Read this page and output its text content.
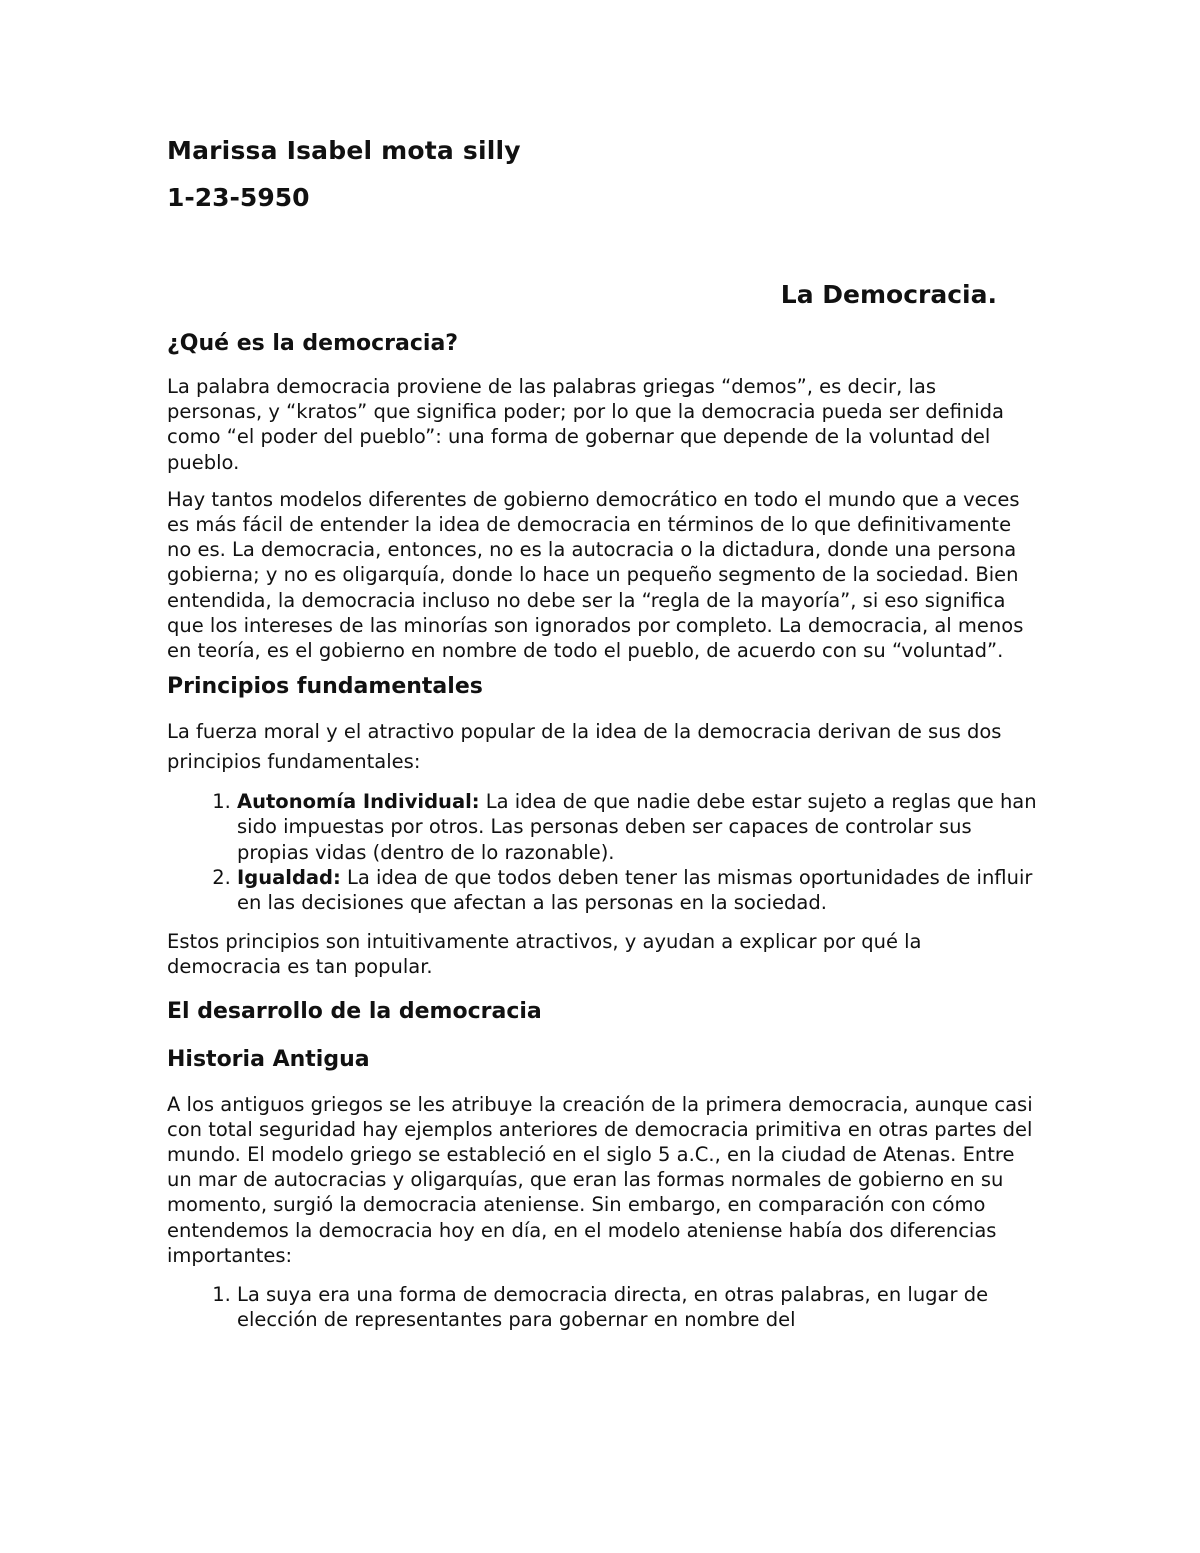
Marissa Isabel mota silly

1-23-5950

La Democracia.

¿Qué es la democracia?

La palabra democracia proviene de las palabras griegas “demos”, es decir, las personas, y “kratos” que significa poder; por lo que la democracia pueda ser definida como “el poder del pueblo”: una forma de gobernar que depende de la voluntad del pueblo.

Hay tantos modelos diferentes de gobierno democrático en todo el mundo que a veces es más fácil de entender la idea de democracia en términos de lo que definitivamente no es. La democracia, entonces, no es la autocracia o la dictadura, donde una persona gobierna; y no es oligarquía, donde lo hace un pequeño segmento de la sociedad. Bien entendida, la democracia incluso no debe ser la “regla de la mayoría”, si eso significa que los intereses de las minorías son ignorados por completo. La democracia, al menos en teoría, es el gobierno en nombre de todo el pueblo, de acuerdo con su “voluntad”.

Principios fundamentales

La fuerza moral y el atractivo popular de la idea de la democracia derivan de sus dos principios fundamentales:

1. Autonomía Individual: La idea de que nadie debe estar sujeto a reglas que han sido impuestas por otros. Las personas deben ser capaces de controlar sus propias vidas (dentro de lo razonable).
2. Igualdad: La idea de que todos deben tener las mismas oportunidades de influir en las decisiones que afectan a las personas en la sociedad.

Estos principios son intuitivamente atractivos, y ayudan a explicar por qué la democracia es tan popular.

El desarrollo de la democracia
Historia Antigua

A los antiguos griegos se les atribuye la creación de la primera democracia, aunque casi con total seguridad hay ejemplos anteriores de democracia primitiva en otras partes del mundo. El modelo griego se estableció en el siglo 5 a.C., en la ciudad de Atenas. Entre un mar de autocracias y oligarquías, que eran las formas normales de gobierno en su momento, surgió la democracia ateniense. Sin embargo, en comparación con cómo entendemos la democracia hoy en día, en el modelo ateniense había dos diferencias importantes:

1. La suya era una forma de democracia directa, en otras palabras, en lugar de elección de representantes para gobernar en nombre del
